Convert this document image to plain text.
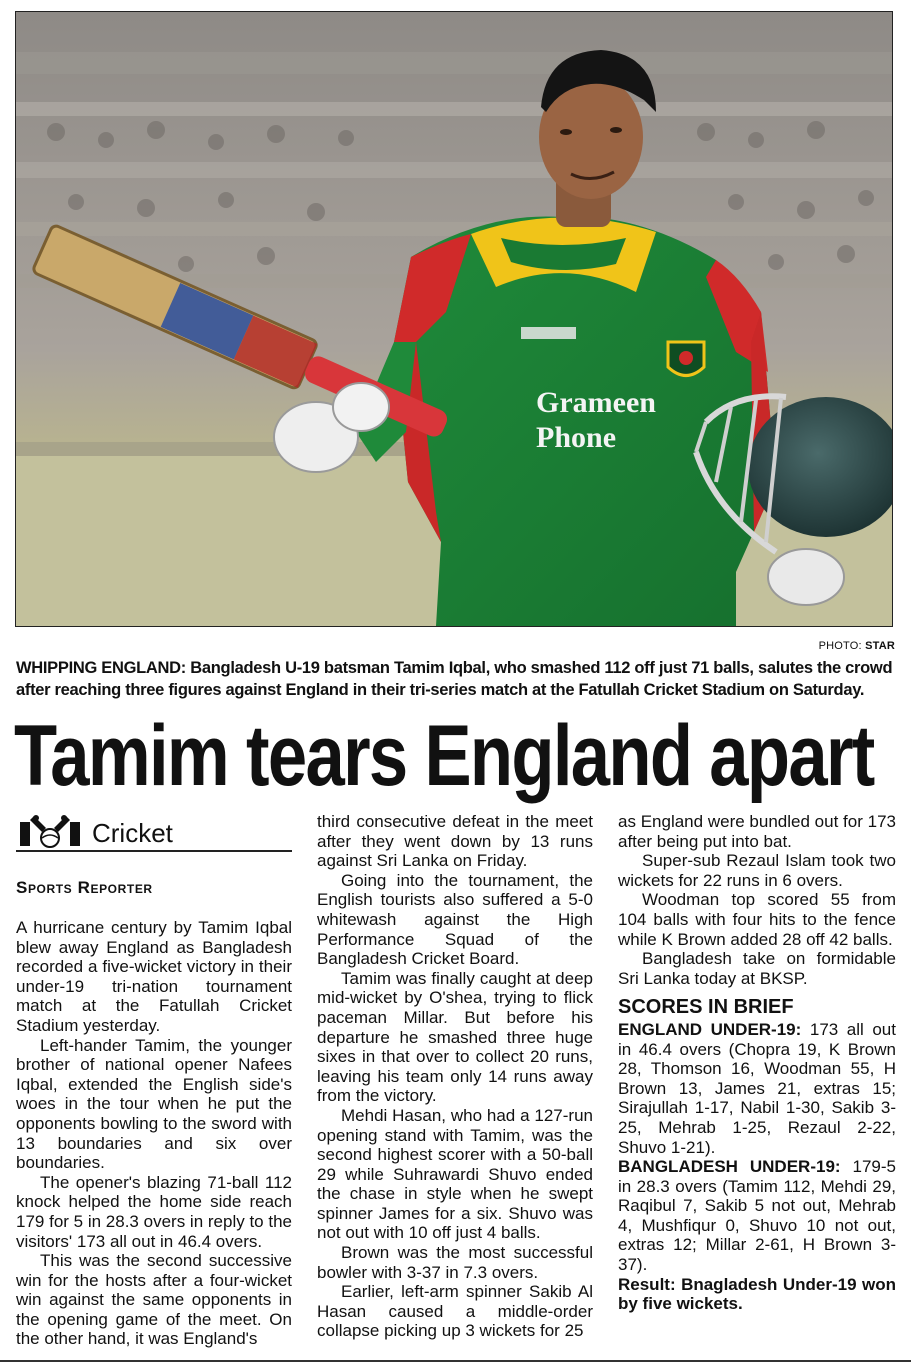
Grameen
Phone
PHOTO: STAR
WHIPPING ENGLAND: Bangladesh U-19 batsman Tamim Iqbal, who smashed 112 off just 71 balls, salutes the crowd after reaching three figures against England in their tri-series match at the Fatullah Cricket Stadium on Saturday.
Tamim tears England apart
Cricket
Sports Reporter

A hurricane century by Tamim Iqbal blew away England as Bangladesh recorded a five-wicket victory in their under-19 tri-nation tournament match at the Fatullah Cricket Stadium yesterday.

Left-hander Tamim, the younger brother of national opener Nafees Iqbal, extended the English side's woes in the tour when he put the opponents bowling to the sword with 13 boundaries and six over boundaries.

The opener's blazing 71-ball 112 knock helped the home side reach 179 for 5 in 28.3 overs in reply to the visitors' 173 all out in 46.4 overs.

This was the second successive win for the hosts after a four-wicket win against the same opponents in the opening game of the meet. On the other hand, it was England's

third consecutive defeat in the meet after they went down by 13 runs against Sri Lanka on Friday.

Going into the tournament, the English tourists also suffered a 5-0 whitewash against the High Performance Squad of the Bangladesh Cricket Board.

Tamim was finally caught at deep mid-wicket by O'shea, trying to flick paceman Millar. But before his departure he smashed three huge sixes in that over to collect 20 runs, leaving his team only 14 runs away from the victory.

Mehdi Hasan, who had a 127-run opening stand with Tamim, was the second highest scorer with a 50-ball 29 while Suhrawardi Shuvo ended the chase in style when he swept spinner James for a six. Shuvo was not out with 10 off just 4 balls.

Brown was the most successful bowler with 3-37 in 7.3 overs.

Earlier, left-arm spinner Sakib Al Hasan caused a middle-order collapse picking up 3 wickets for 25

as England were bundled out for 173 after being put into bat.

Super-sub Rezaul Islam took two wickets for 22 runs in 6 overs.

Woodman top scored 55 from 104 balls with four hits to the fence while K Brown added 28 off 42 balls.

Bangladesh take on formidable Sri Lanka today at BKSP.

SCORES IN BRIEF

ENGLAND UNDER-19: 173 all out in 46.4 overs (Chopra 19, K Brown 28, Thomson 16, Woodman 55, H Brown 13, James 21, extras 15; Sirajullah 1-17, Nabil 1-30, Sakib 3-25, Mehrab 1-25, Rezaul 2-22, Shuvo 1-21).

BANGLADESH UNDER-19: 179-5 in 28.3 overs (Tamim 112, Mehdi 29, Raqibul 7, Sakib 5 not out, Mehrab 4, Mushfiqur 0, Shuvo 10 not out, extras 12; Millar 2-61, H Brown 3-37).

Result: Bnagladesh Under-19 won by five wickets.
